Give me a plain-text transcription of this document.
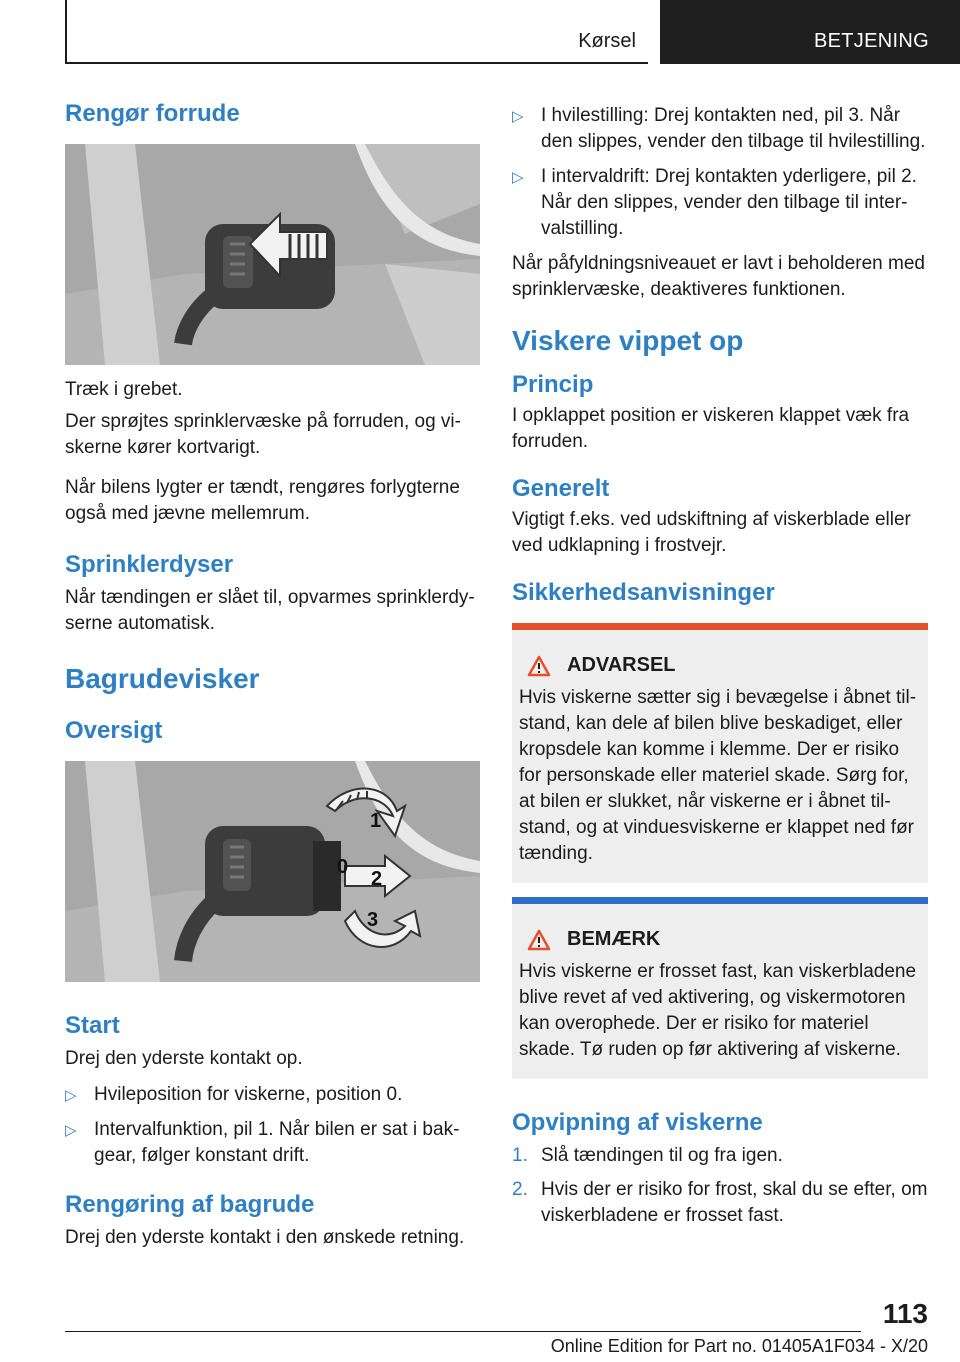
Kørsel	BETJENING
Rengør forrude
Træk i grebet.
Der sprøjtes sprinklervæske på forruden, og vi-skerne kører kortvarigt.
Når bilens lygter er tændt, rengøres forlygterne også med jævne mellemrum.
Sprinklerdyser
Når tændingen er slået til, opvarmes sprinklerdy-serne automatisk.
Bagrudevisker
Oversigt
1
0
2
3
Start
Drej den yderste kontakt op.
▷ Hvileposition for viskerne, position 0.
▷ Intervalfunktion, pil 1. Når bilen er sat i bak-gear, følger konstant drift.
Rengøring af bagrude
Drej den yderste kontakt i den ønskede retning.
▷ I hvilestilling: Drej kontakten ned, pil 3. Når den slippes, vender den tilbage til hvilestilling.
▷ I intervaldrift: Drej kontakten yderligere, pil 2. Når den slippes, vender den tilbage til inter-valstilling.
Når påfyldningsniveauet er lavt i beholderen med sprinklervæske, deaktiveres funktionen.
Viskere vippet op
Princip
I opklappet position er viskeren klappet væk fra forruden.
Generelt
Vigtigt f.eks. ved udskiftning af viskerblade eller ved udklapning i frostvejr.
Sikkerhedsanvisninger
ADVARSEL
Hvis viskerne sætter sig i bevægelse i åbnet til-stand, kan dele af bilen blive beskadiget, eller kropsdele kan komme i klemme. Der er risiko for personskade eller materiel skade. Sørg for, at bilen er slukket, når viskerne er i åbnet til-stand, og at vinduesviskerne er klappet ned før tænding.
BEMÆRK
Hvis viskerne er frosset fast, kan viskerbladene blive revet af ved aktivering, og viskermotoren kan overophede. Der er risiko for materiel skade. Tø ruden op før aktivering af viskerne.
Opvipning af viskerne
1. Slå tændingen til og fra igen.
2. Hvis der er risiko for frost, skal du se efter, om viskerbladene er frosset fast.
113
Online Edition for Part no. 01405A1F034 - X/20
